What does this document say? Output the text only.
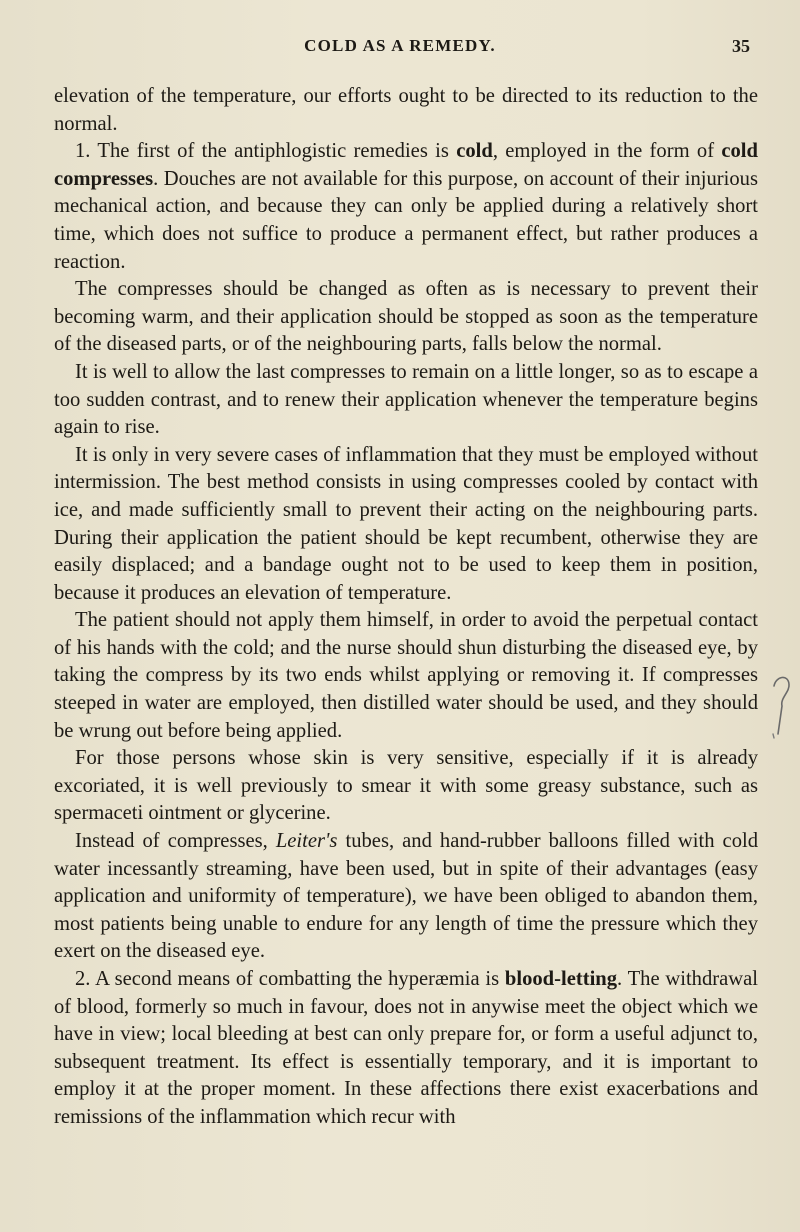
COLD AS A REMEDY.	35

elevation of the temperature, our efforts ought to be directed to its reduction to the normal.

1. The first of the antiphlogistic remedies is cold, employed in the form of cold compresses. Douches are not available for this purpose, on account of their injurious mechanical action, and because they can only be applied during a relatively short time, which does not suffice to produce a permanent effect, but rather produces a reaction.

The compresses should be changed as often as is necessary to prevent their becoming warm, and their application should be stopped as soon as the temperature of the diseased parts, or of the neighbouring parts, falls below the normal.

It is well to allow the last compresses to remain on a little longer, so as to escape a too sudden contrast, and to renew their application whenever the temperature begins again to rise.

It is only in very severe cases of inflammation that they must be employed without intermission. The best method consists in using compresses cooled by contact with ice, and made sufficiently small to prevent their acting on the neighbouring parts. During their application the patient should be kept recumbent, otherwise they are easily displaced; and a bandage ought not to be used to keep them in position, because it produces an elevation of temperature.

The patient should not apply them himself, in order to avoid the perpetual contact of his hands with the cold; and the nurse should shun disturbing the diseased eye, by taking the compress by its two ends whilst applying or removing it. If compresses steeped in water are employed, then distilled water should be used, and they should be wrung out before being applied.

For those persons whose skin is very sensitive, especially if it is already excoriated, it is well previously to smear it with some greasy substance, such as spermaceti ointment or glycerine.

Instead of compresses, Leiter's tubes, and hand-rubber balloons filled with cold water incessantly streaming, have been used, but in spite of their advantages (easy application and uniformity of temperature), we have been obliged to abandon them, most patients being unable to endure for any length of time the pressure which they exert on the diseased eye.

2. A second means of combatting the hyperæmia is blood-letting. The withdrawal of blood, formerly so much in favour, does not in anywise meet the object which we have in view; local bleeding at best can only prepare for, or form a useful adjunct to, subsequent treatment. Its effect is essentially temporary, and it is important to employ it at the proper moment. In these affections there exist exacerbations and remissions of the inflammation which recur with
